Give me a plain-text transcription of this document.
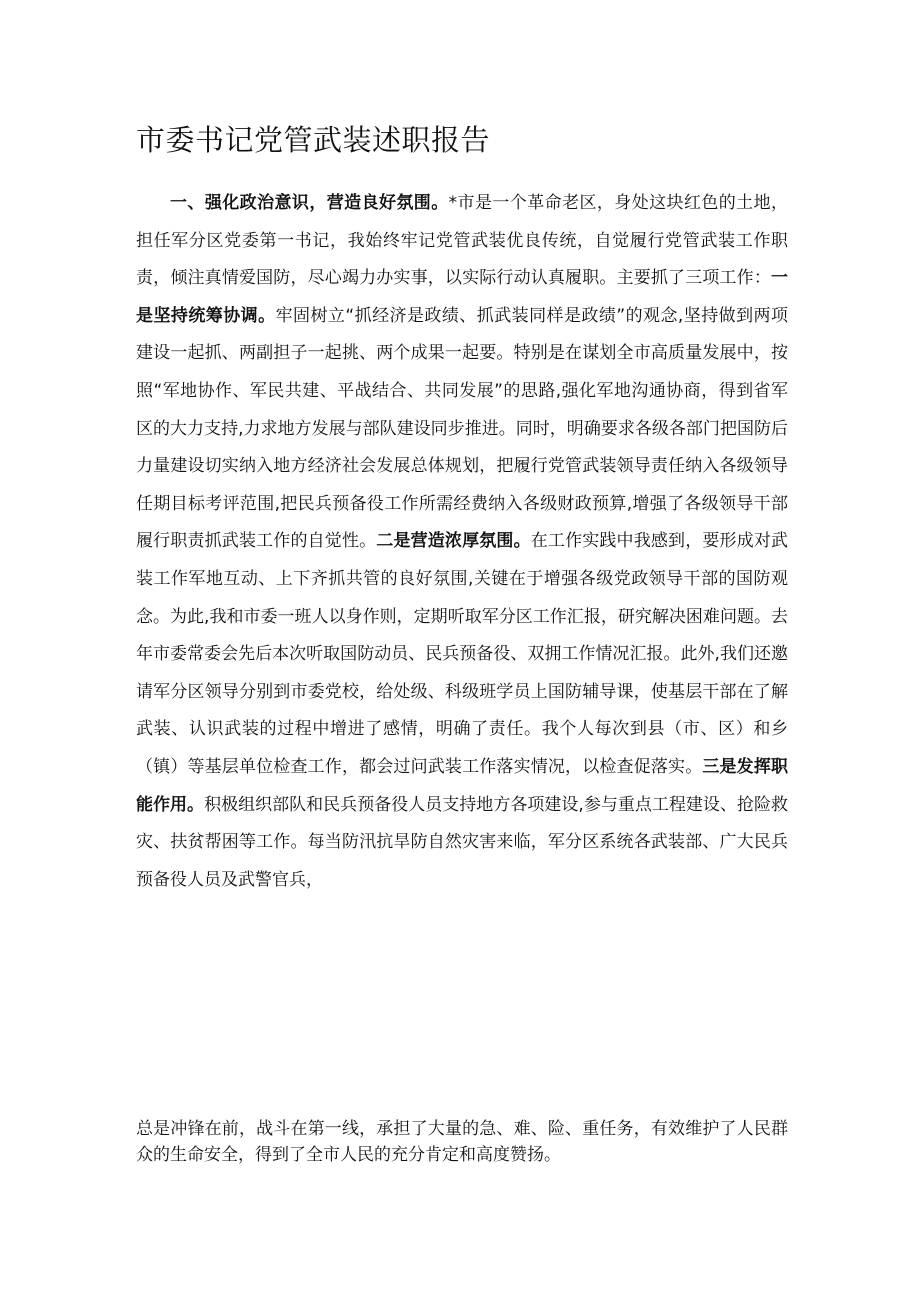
市委书记党管武装述职报告

一、强化政治意识，营造良好氛围。*市是一个革命老区，身处这块红色的土地，担任军分区党委第一书记，我始终牢记党管武装优良传统，自觉履行党管武装工作职责，倾注真情爱国防，尽心竭力办实事，以实际行动认真履职。主要抓了三项工作：一是坚持统筹协调。牢固树立“抓经济是政绩、抓武装同样是政绩”的观念,坚持做到两项建设一起抓、两副担子一起挑、两个成果一起要。特别是在谋划全市高质量发展中，按照“军地协作、军民共建、平战结合、共同发展”的思路,强化军地沟通协商，得到省军区的大力支持,力求地方发展与部队建设同步推进。同时，明确要求各级各部门把国防后力量建设切实纳入地方经济社会发展总体规划，把履行党管武装领导责任纳入各级领导任期目标考评范围,把民兵预备役工作所需经费纳入各级财政预算,增强了各级领导干部履行职责抓武装工作的自觉性。二是营造浓厚氛围。在工作实践中我感到，要形成对武装工作军地互动、上下齐抓共管的良好氛围,关键在于增强各级党政领导干部的国防观念。为此,我和市委一班人以身作则，定期听取军分区工作汇报，研究解决困难问题。去年市委常委会先后本次听取国防动员、民兵预备役、双拥工作情况汇报。此外,我们还邀请军分区领导分别到市委党校，给处级、科级班学员上国防辅导课，使基层干部在了解武装、认识武装的过程中增进了感情，明确了责任。我个人每次到县（市、区）和乡（镇）等基层单位检查工作，都会过问武装工作落实情况，以检查促落实。三是发挥职能作用。积极组织部队和民兵预备役人员支持地方各项建设,参与重点工程建设、抢险救灾、扶贫帮困等工作。每当防汛抗旱防自然灾害来临，军分区系统各武装部、广大民兵预备役人员及武警官兵，

总是冲锋在前，战斗在第一线，承担了大量的急、难、险、重任务，有效维护了人民群众的生命安全，得到了全市人民的充分肯定和高度赞扬。
